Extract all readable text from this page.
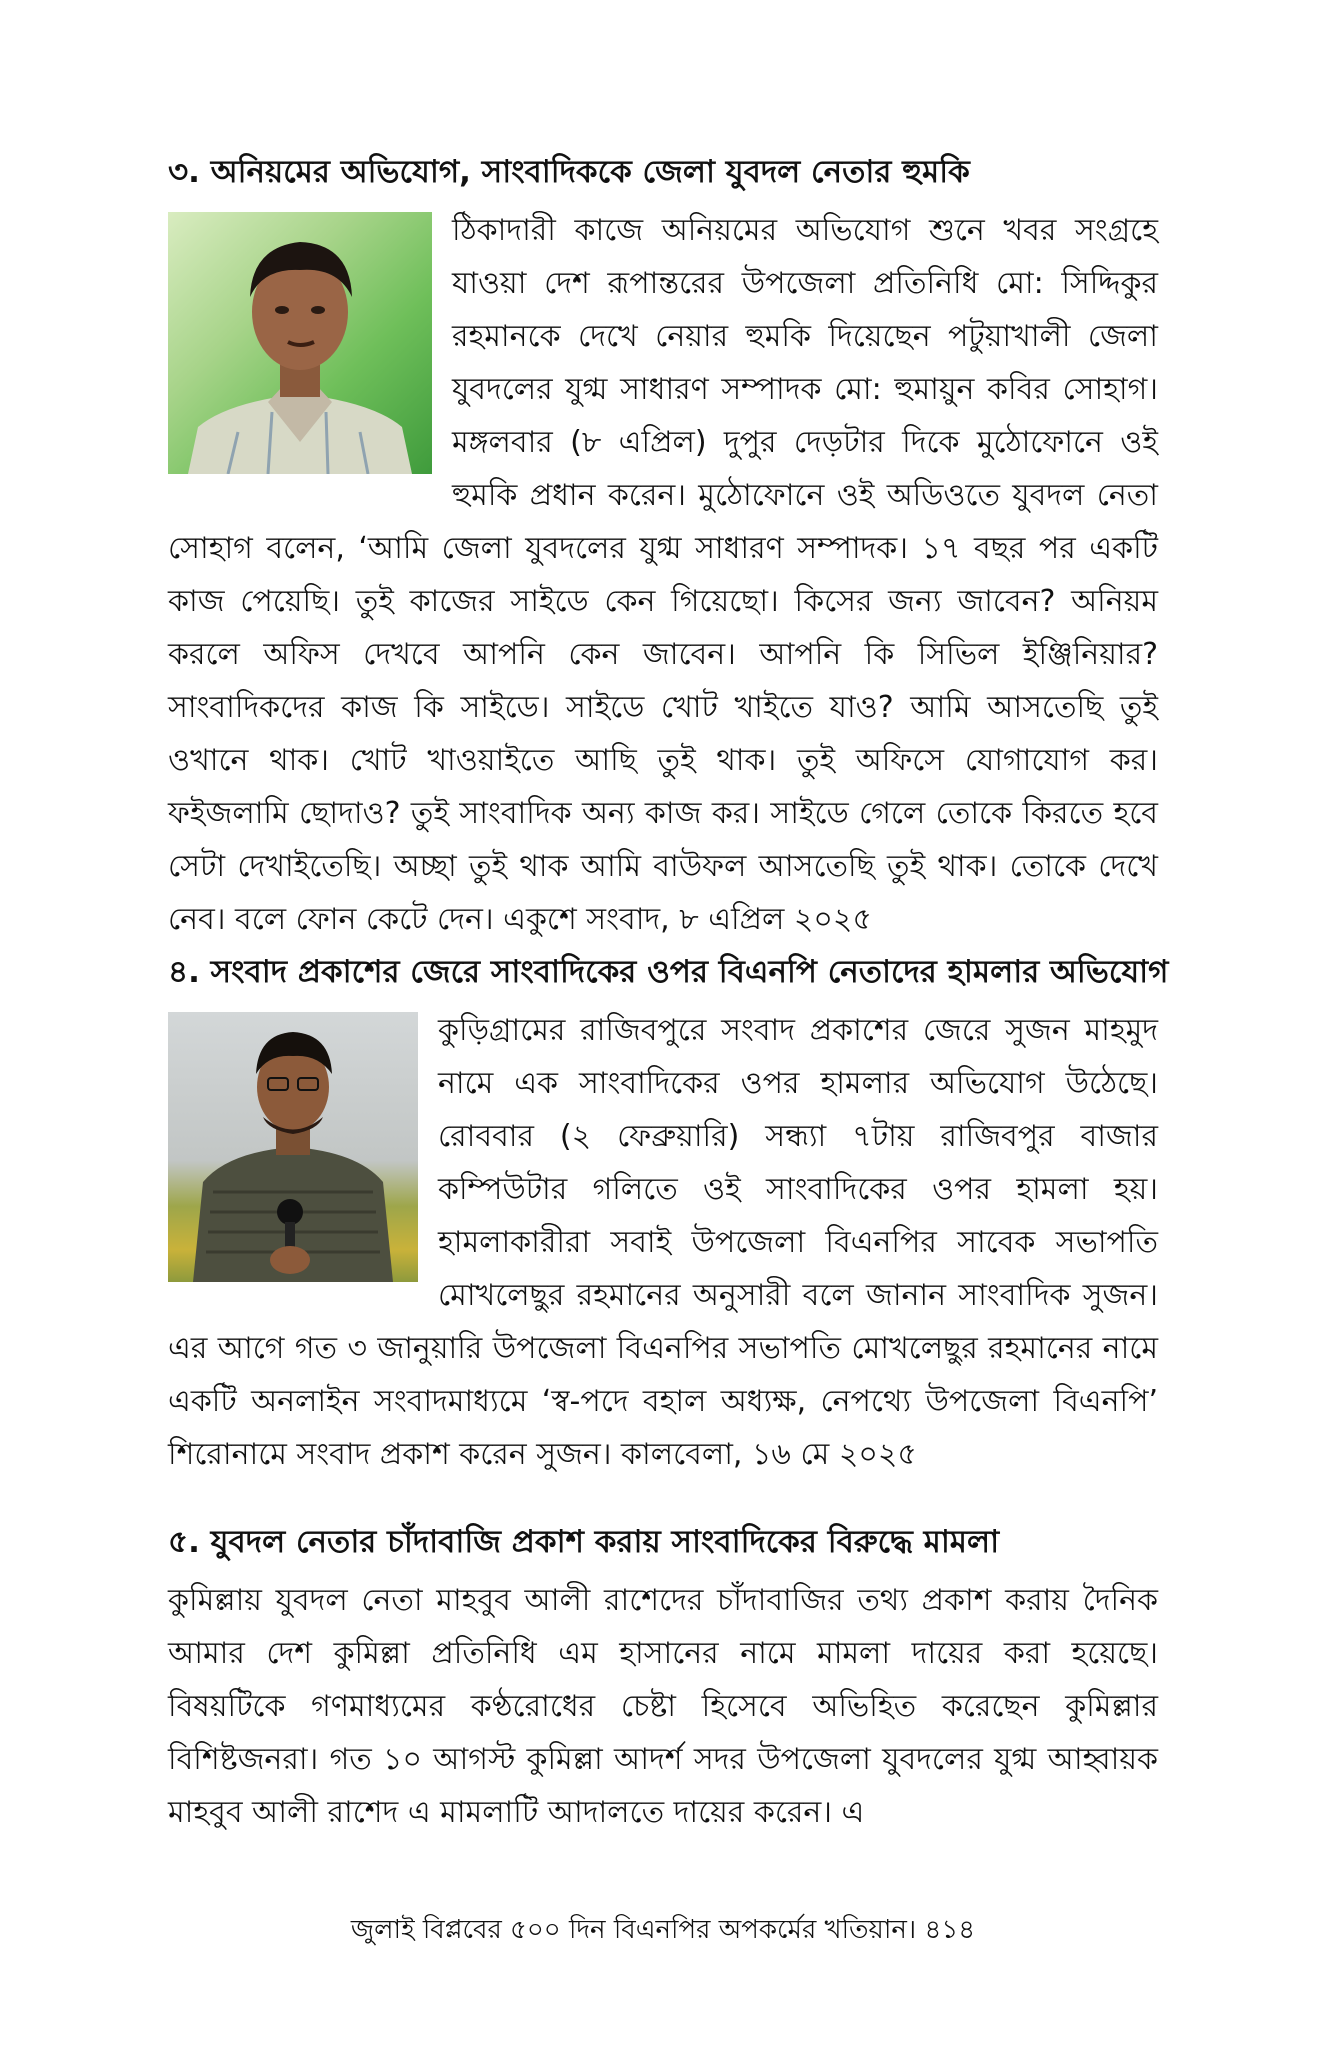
৩. অনিয়মের অভিযোগ, সাংবাদিককে জেলা যুবদল নেতার হুমকি

ঠিকাদারী কাজে অনিয়মের অভিযোগ শুনে খবর সংগ্রহে যাওয়া দেশ রূপান্তরের উপজেলা প্রতিনিধি মো: সিদ্দিকুর রহমানকে দেখে নেয়ার হুমকি দিয়েছেন পটুয়াখালী জেলা যুবদলের যুগ্ম সাধারণ সম্পাদক মো: হুমায়ুন কবির সোহাগ। মঙ্গলবার (৮ এপ্রিল) দুপুর দেড়টার দিকে মুঠোফোনে ওই হুমকি প্রধান করেন। মুঠোফোনে ওই অডিওতে যুবদল নেতা সোহাগ বলেন, ‘আমি জেলা যুবদলের যুগ্ম সাধারণ সম্পাদক। ১৭ বছর পর একটি কাজ পেয়েছি। তুই কাজের সাইডে কেন গিয়েছো। কিসের জন্য জাবেন? অনিয়ম করলে অফিস দেখবে আপনি কেন জাবেন। আপনি কি সিভিল ইঞ্জিনিয়ার? সাংবাদিকদের কাজ কি সাইডে। সাইডে খোট খাইতে যাও? আমি আসতেছি তুই ওখানে থাক। খোট খাওয়াইতে আছি তুই থাক। তুই অফিসে যোগাযোগ কর। ফইজলামি ছোদাও? তুই সাংবাদিক অন্য কাজ কর। সাইডে গেলে তোকে কিরতে হবে সেটা দেখাইতেছি। অচ্ছা তুই থাক আমি বাউফল আসতেছি তুই থাক। তোকে দেখে নেব। বলে ফোন কেটে দেন। একুশে সংবাদ, ৮ এপ্রিল ২০২৫

৪. সংবাদ প্রকাশের জেরে সাংবাদিকের ওপর বিএনপি নেতাদের হামলার অভিযোগ

কুড়িগ্রামের রাজিবপুরে সংবাদ প্রকাশের জেরে সুজন মাহমুদ নামে এক সাংবাদিকের ওপর হামলার অভিযোগ উঠেছে। রোববার (২ ফেব্রুয়ারি) সন্ধ্যা ৭টায় রাজিবপুর বাজার কম্পিউটার গলিতে ওই সাংবাদিকের ওপর হামলা হয়। হামলাকারীরা সবাই উপজেলা বিএনপির সাবেক সভাপতি মোখলেছুর রহমানের অনুসারী বলে জানান সাংবাদিক সুজন। এর আগে গত ৩ জানুয়ারি উপজেলা বিএনপির সভাপতি মোখলেছুর রহমানের নামে একটি অনলাইন সংবাদমাধ্যমে ‘স্ব-পদে বহাল অধ্যক্ষ, নেপথ্যে উপজেলা বিএনপি’ শিরোনামে সংবাদ প্রকাশ করেন সুজন। কালবেলা, ১৬ মে ২০২৫

৫. যুবদল নেতার চাঁদাবাজি প্রকাশ করায় সাংবাদিকের বিরুদ্ধে মামলা

কুমিল্লায় যুবদল নেতা মাহবুব আলী রাশেদের চাঁদাবাজির তথ্য প্রকাশ করায় দৈনিক আমার দেশ কুমিল্লা প্রতিনিধি এম হাসানের নামে মামলা দায়ের করা হয়েছে। বিষয়টিকে গণমাধ্যমের কণ্ঠরোধের চেষ্টা হিসেবে অভিহিত করেছেন কুমিল্লার বিশিষ্টজনরা। গত ১০ আগস্ট কুমিল্লা আদর্শ সদর উপজেলা যুবদলের যুগ্ম আহ্বায়ক মাহবুব আলী রাশেদ এ মামলাটি আদালতে দায়ের করেন। এ

জুলাই বিপ্লবের ৫০০ দিন বিএনপির অপকর্মের খতিয়ান। ৪১৪
